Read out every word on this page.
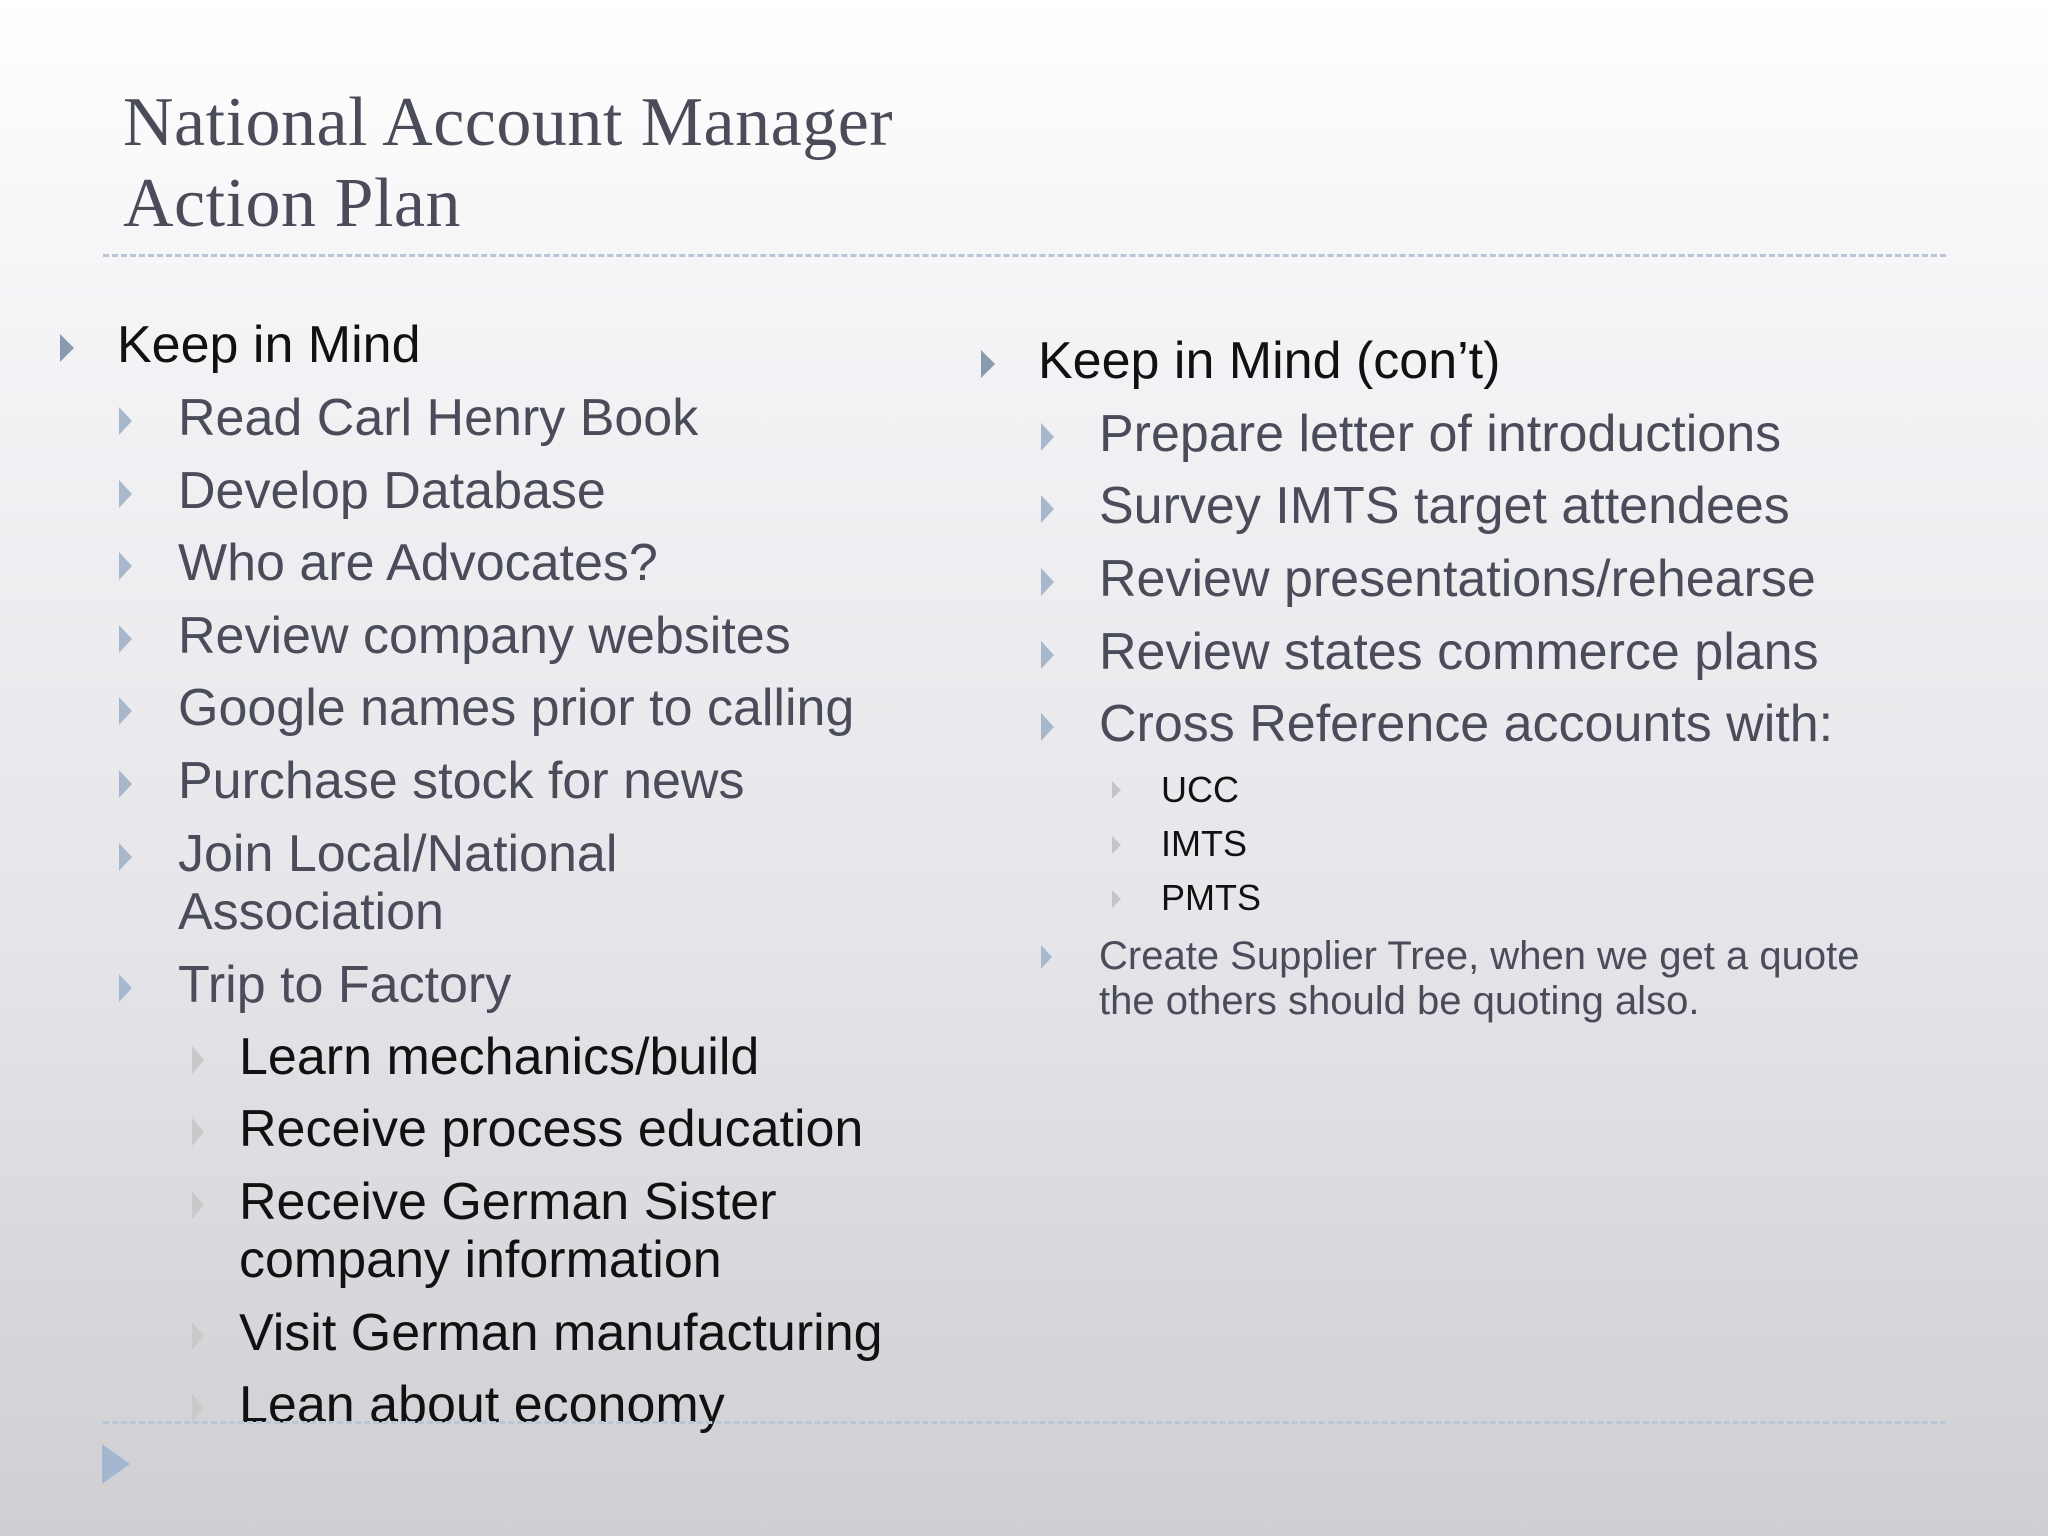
National Account Manager
Action Plan
Keep in Mind
Read Carl Henry Book
Develop Database
Who are Advocates?
Review company websites
Google names prior to calling
Purchase stock for news
Join Local/National
Association
Trip to Factory
Learn mechanics/build
Receive process education
Receive German Sister
company information
Visit German manufacturing
Lean about economy
Keep in Mind (con’t)
Prepare letter of introductions
Survey IMTS target attendees
Review presentations/rehearse
Review states commerce plans
Cross Reference accounts with:
UCC
IMTS
PMTS
Create Supplier Tree, when we get a quote
the others should be quoting also.
